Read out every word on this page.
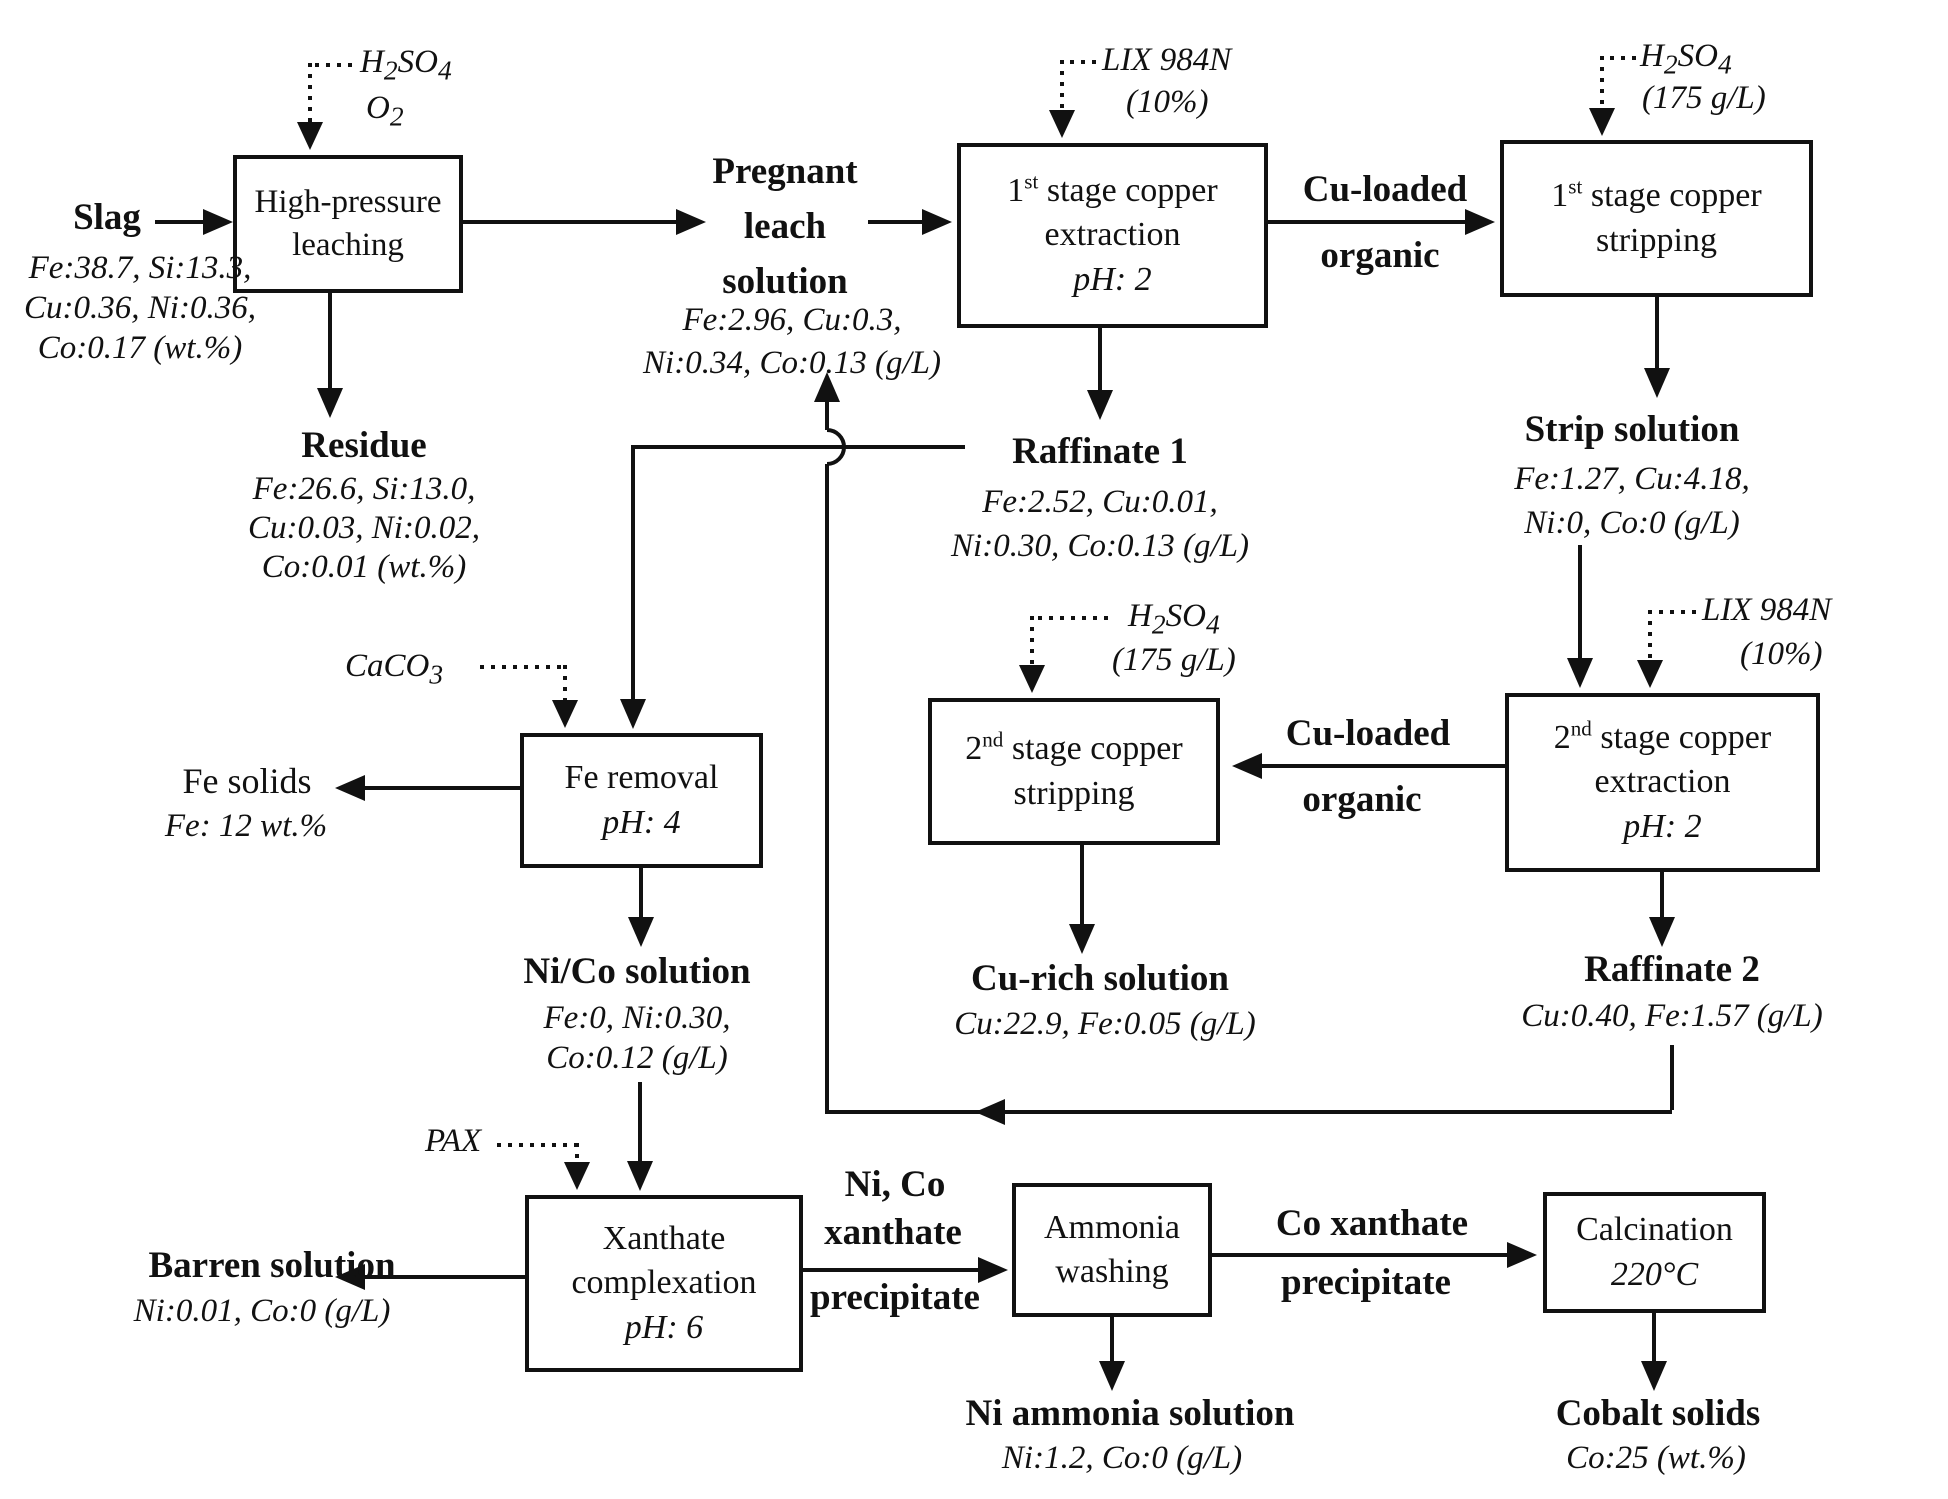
High-pressure
leaching
1st stage copper
extraction
pH: 2
1st stage copper
stripping
2nd stage copper
stripping
2nd stage copper
extraction
pH: 2
Fe removal
pH: 4
Xanthate
complexation
pH: 6
Ammonia
washing
Calcination
220°C
Slag
Fe:38.7, Si:13.3,
Cu:0.36, Ni:0.36,
Co:0.17 (wt.%)
Pregnant
leach
solution
Fe:2.96, Cu:0.3,
Ni:0.34, Co:0.13 (g/L)
Residue
Fe:26.6, Si:13.0,
Cu:0.03, Ni:0.02,
Co:0.01 (wt.%)
Raffinate 1
Fe:2.52, Cu:0.01,
Ni:0.30, Co:0.13 (g/L)
Strip solution
Fe:1.27, Cu:4.18,
Ni:0, Co:0 (g/L)
Cu-loaded
organic
Fe solids
Fe: 12 wt.%
Ni/Co solution
Fe:0, Ni:0.30,
Co:0.12 (g/L)
Cu-rich solution
Cu:22.9, Fe:0.05 (g/L)
Raffinate 2
Cu:0.40, Fe:1.57 (g/L)
Cu-loaded
organic
Barren solution
Ni:0.01, Co:0 (g/L)
Ni, Co
xanthate
precipitate
Co xanthate
precipitate
Ni ammonia solution
Ni:1.2, Co:0 (g/L)
Cobalt solids
Co:25 (wt.%)
$H_2SO_4$
$O_2$
LIX 984N
(10%)
$H_2SO_4$
(175 g/L)
CaCO$_3$
$H_2SO_4$
(175 g/L)
LIX 984N
(10%)
PAX
